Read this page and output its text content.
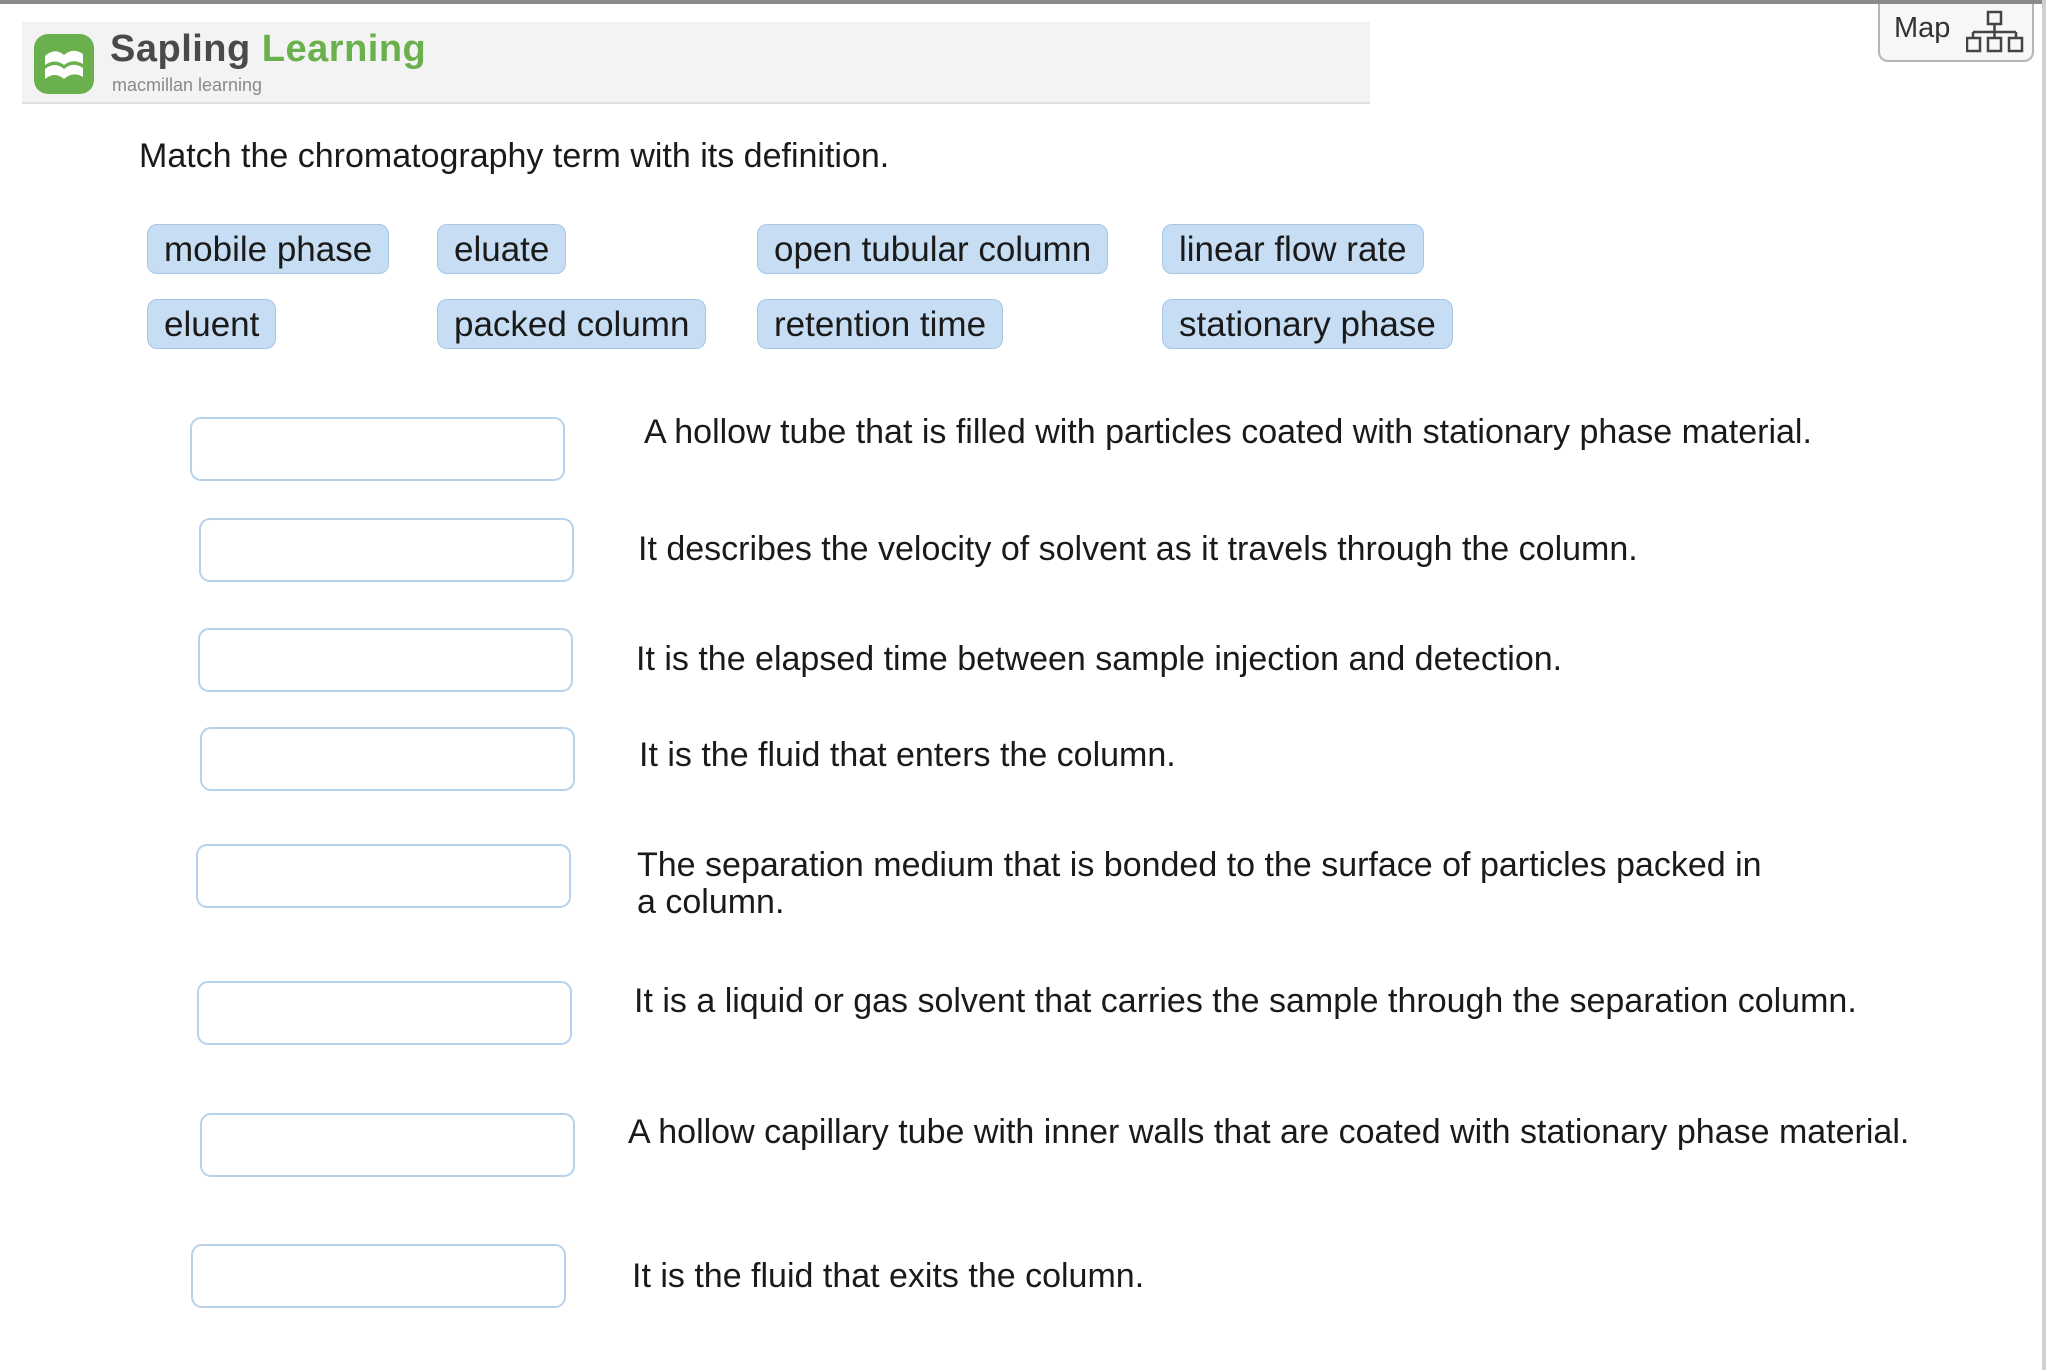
Sapling Learning
macmillan learning
Map
Match the chromatography term with its definition.
mobile phase	eluate	open tubular column	linear flow rate
eluent	packed column	retention time	stationary phase
A hollow tube that is filled with particles coated with stationary phase material.
It describes the velocity of solvent as it travels through the column.
It is the elapsed time between sample injection and detection.
It is the fluid that enters the column.
The separation medium that is bonded to the surface of particles packed in a column.
It is a liquid or gas solvent that carries the sample through the separation column.
A hollow capillary tube with inner walls that are coated with stationary phase material.
It is the fluid that exits the column.
